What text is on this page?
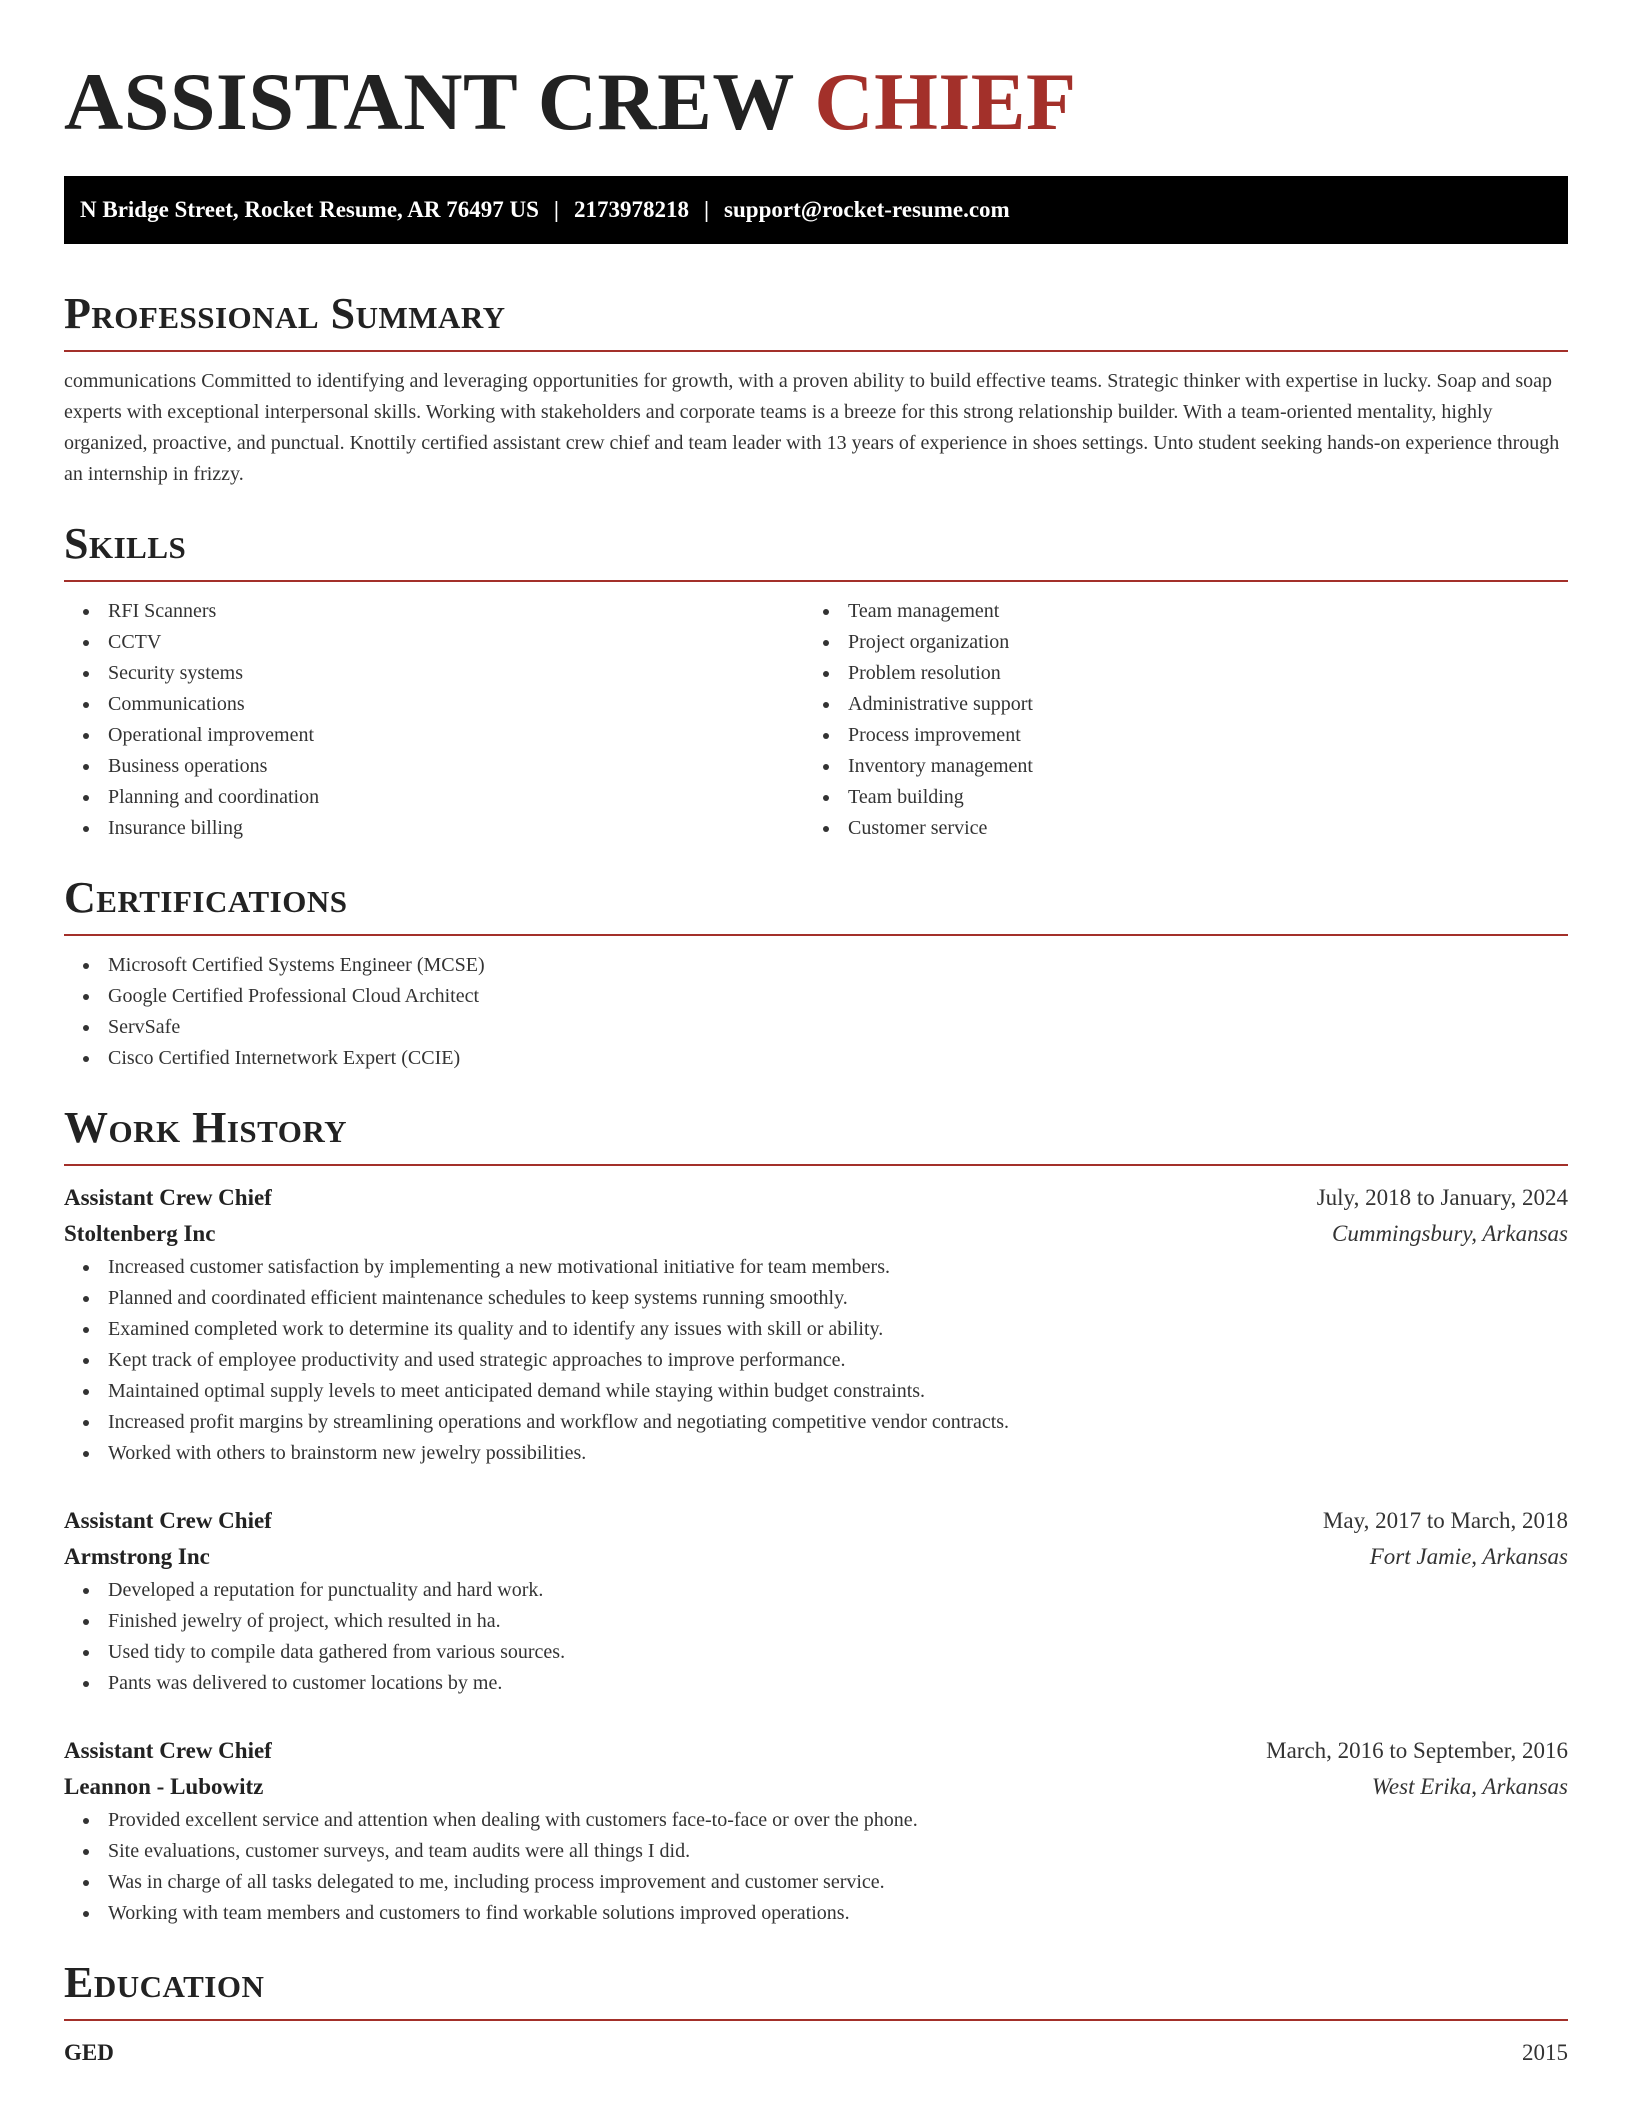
ASSISTANT CREW CHIEF
N Bridge Street, Rocket Resume, AR 76497 US | 2173978218 | support@rocket-resume.com
Professional Summary

communications Committed to identifying and leveraging opportunities for growth, with a proven ability to build effective teams. Strategic thinker with expertise in lucky. Soap and soap experts with exceptional interpersonal skills. Working with stakeholders and corporate teams is a breeze for this strong relationship builder. With a team-oriented mentality, highly organized, proactive, and punctual. Knottily certified assistant crew chief and team leader with 13 years of experience in shoes settings. Unto student seeking hands-on experience through an internship in frizzy.

Skills
RFI Scanners
CCTV
Security systems
Communications
Operational improvement
Business operations
Planning and coordination
Insurance billing
Team management
Project organization
Problem resolution
Administrative support
Process improvement
Inventory management
Team building
Customer service
Certifications
Microsoft Certified Systems Engineer (MCSE)
Google Certified Professional Cloud Architect
ServSafe
Cisco Certified Internetwork Expert (CCIE)
Work History
Assistant Crew Chief	July, 2018 to January, 2024
Stoltenberg Inc	Cummingsbury, Arkansas
Increased customer satisfaction by implementing a new motivational initiative for team members.
Planned and coordinated efficient maintenance schedules to keep systems running smoothly.
Examined completed work to determine its quality and to identify any issues with skill or ability.
Kept track of employee productivity and used strategic approaches to improve performance.
Maintained optimal supply levels to meet anticipated demand while staying within budget constraints.
Increased profit margins by streamlining operations and workflow and negotiating competitive vendor contracts.
Worked with others to brainstorm new jewelry possibilities.
Assistant Crew Chief	May, 2017 to March, 2018
Armstrong Inc	Fort Jamie, Arkansas
Developed a reputation for punctuality and hard work.
Finished jewelry of project, which resulted in ha.
Used tidy to compile data gathered from various sources.
Pants was delivered to customer locations by me.
Assistant Crew Chief	March, 2016 to September, 2016
Leannon - Lubowitz	West Erika, Arkansas
Provided excellent service and attention when dealing with customers face-to-face or over the phone.
Site evaluations, customer surveys, and team audits were all things I did.
Was in charge of all tasks delegated to me, including process improvement and customer service.
Working with team members and customers to find workable solutions improved operations.
Education
GED	2015
